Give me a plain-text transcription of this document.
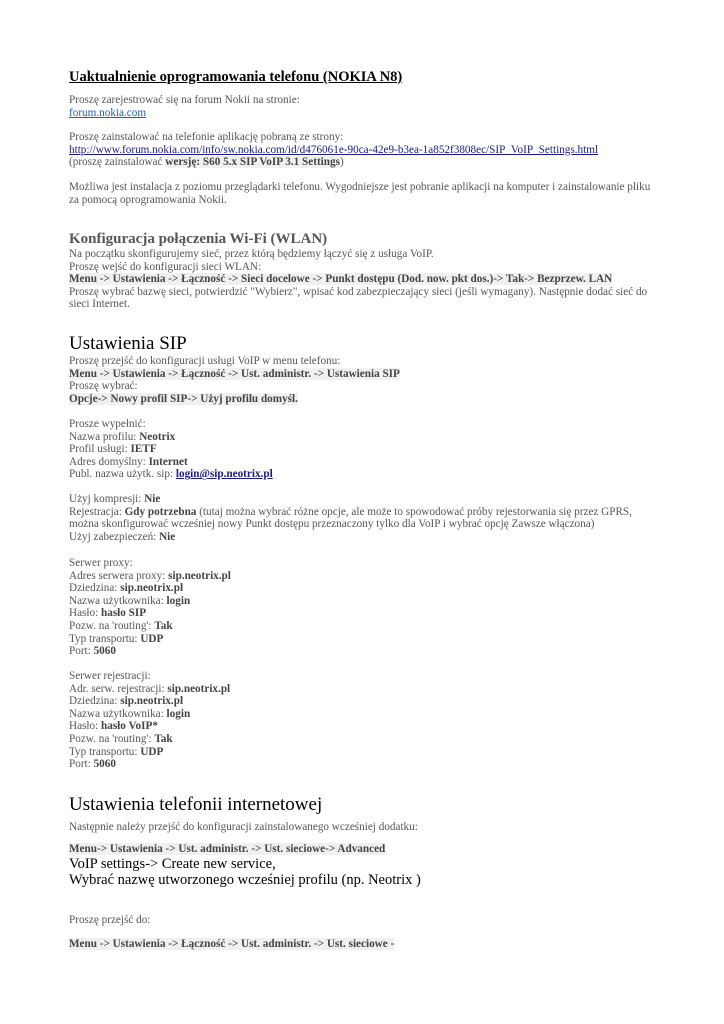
Uaktualnienie oprogramowania telefonu (NOKIA N8)
Proszę zarejestrować się na forum Nokii na stronie:
forum.nokia.com
Proszę zainstalować na telefonie aplikację pobraną ze strony:
http://www.forum.nokia.com/info/sw.nokia.com/id/d476061e-90ca-42e9-b3ea-1a852f3808ec/SIP_VoIP_Settings.html
(proszę zainstalować wersję: S60 5.x SIP VoIP 3.1 Settings)
Możliwa jest instalacja z poziomu przeglądarki telefonu. Wygodniejsze jest pobranie aplikacji na komputer i zainstalowanie pliku za pomocą oprogramowania Nokii.
Konfiguracja połączenia Wi-Fi (WLAN)
Na początku skonfigurujemy sieć, przez którą będziemy łączyć się z usługa VoIP.
Proszę wejść do konfiguracji sieci WLAN:
Menu -> Ustawienia -> Łączność -> Sieci docelowe -> Punkt dostępu (Dod. now. pkt dos.)-> Tak-> Bezprzew. LAN
Proszę wybrać bazwę sieci, potwierdzić "Wybierz", wpisać kod zabezpieczający sieci (jeśli wymagany). Następnie dodać sieć do sieci Internet.
Ustawienia SIP
Proszę przejść do konfiguracji usługi VoIP w menu telefonu:
Menu -> Ustawienia -> Łączność -> Ust. administr. -> Ustawienia SIP
Proszę wybrać:
Opcje-> Nowy profil SIP-> Użyj profilu domyśl.
Prosze wypełnić:
Nazwa profilu: Neotrix
Profil usługi: IETF
Adres domyślny: Internet
Publ. nazwa użytk. sip: login@sip.neotrix.pl
Użyj kompresji: Nie
Rejestracja: Gdy potrzebna (tutaj można wybrać różne opcje, ale może to spowodować próby rejestorwania się przez GPRS, można skonfigurować wcześniej nowy Punkt dostępu przeznaczony tylko dla VoIP i wybrać opcję Zawsze włączona)
Użyj zabezpieczeń: Nie
Serwer proxy:
Adres serwera proxy: sip.neotrix.pl
Dziedzina: sip.neotrix.pl
Nazwa użytkownika: login
Hasło: hasło SIP
Pozw. na 'routing': Tak
Typ transportu: UDP
Port: 5060
Serwer rejestracji:
Adr. serw. rejestracji: sip.neotrix.pl
Dziedzina: sip.neotrix.pl
Nazwa użytkownika: login
Hasło: hasło VoIP*
Pozw. na 'routing': Tak
Typ transportu: UDP
Port: 5060
Ustawienia telefonii internetowej
Następnie należy przejść do konfiguracji zainstalowanego wcześniej dodatku:
Menu-> Ustawienia -> Ust. administr. -> Ust. sieciowe-> Advanced
VoIP settings-> Create new service,
Wybrać nazwę utworzonego wcześniej profilu (np. Neotrix )
Proszę przejść do:
Menu -> Ustawienia -> Łączność -> Ust. administr. -> Ust. sieciowe -
